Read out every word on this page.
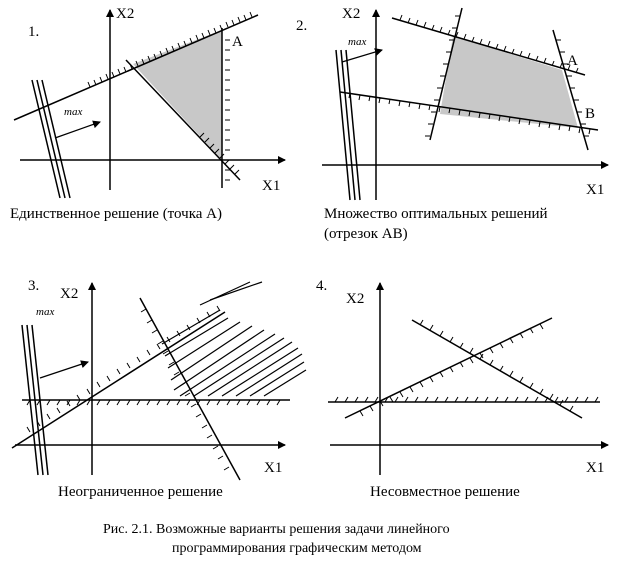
max
1.
X2
X1
A
Единственное решение (точка А)
max
2.
X2
X1
A
B
Множество оптимальных решений
(отрезок AB)
max
3. X2
X1
Неограниченное решение
4.
X2
X1
Несовместное решение
Рис. 2.1. Возможные варианты решения задачи линейного
программирования графическим методом
